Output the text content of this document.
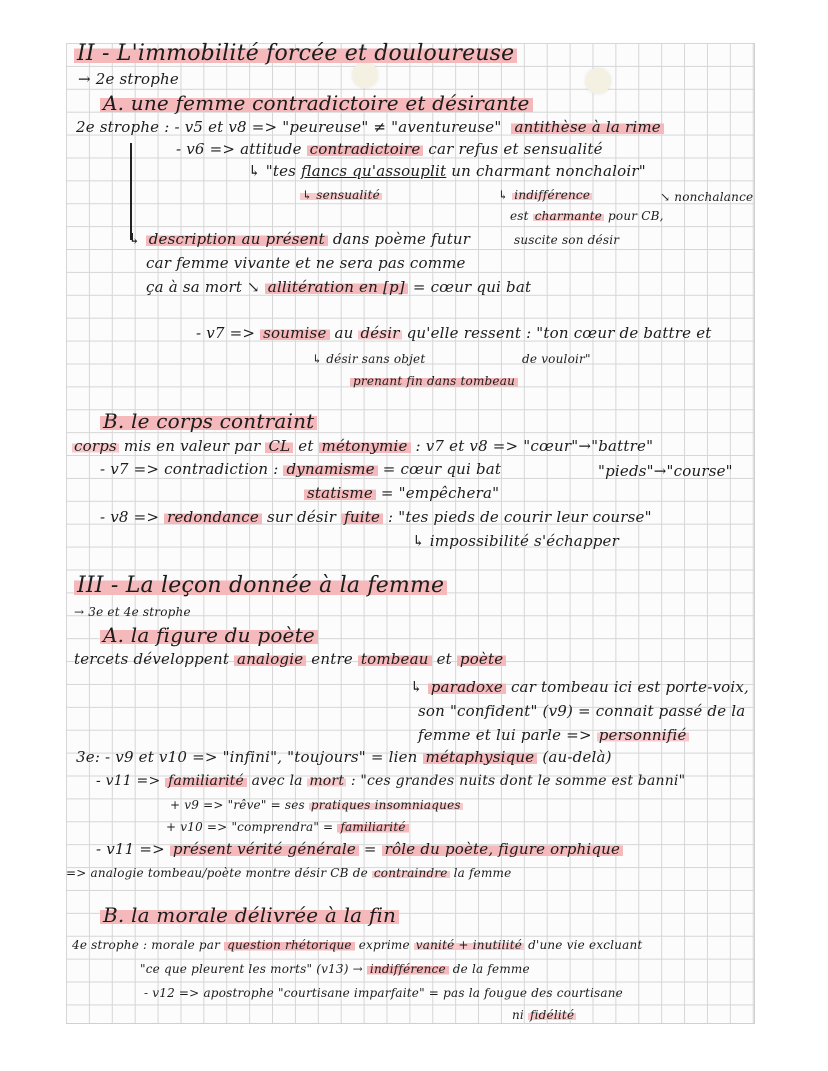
II - L'immobilité forcée et douloureuse
→ 2e strophe
A. une femme contradictoire et désirante
2e strophe : - v5 et v8 => "peureuse" ≠ "aventureuse" antithèse à la rime
- v6 => attitude contradictoire car refus et sensualité
↳ "tes flancs qu'assouplit un charmant nonchaloir"
↳ sensualité	↳ indifférence	↘ nonchalance
est charmante pour CB,
suscite son désir
↳ description au présent dans poème futur
car femme vivante et ne sera pas comme
ça à sa mort ↘ allitération en [p] = cœur qui bat
- v7 => soumise au désir qu'elle ressent : "ton cœur de battre et
↳ désir sans objet	de vouloir"
prenant fin dans tombeau
B. le corps contraint
corps mis en valeur par CL et métonymie : v7 et v8 => "cœur"→"battre"
- v7 => contradiction : dynamisme = cœur qui bat	"pieds"→"course"
statisme = "empêchera"
- v8 => redondance sur désir fuite : "tes pieds de courir leur course"
↳ impossibilité s'échapper
III - La leçon donnée à la femme
→ 3e et 4e strophe
A. la figure du poète
tercets développent analogie entre tombeau et poète
↳ paradoxe car tombeau ici est porte-voix,
son "confident" (v9) = connait passé de la
femme et lui parle => personnifié
3e: - v9 et v10 => "infini", "toujours" = lien métaphysique (au-delà)
- v11 => familiarité avec la mort : "ces grandes nuits dont le somme est banni"
+ v9 => "rêve" = ses pratiques insomniaques
+ v10 => "comprendra" = familiarité
- v11 => présent vérité générale = rôle du poète, figure orphique
=> analogie tombeau/poète montre désir CB de contraindre la femme
B. la morale délivrée à la fin
4e strophe : morale par question rhétorique exprime vanité + inutilité d'une vie excluant
"ce que pleurent les morts" (v13) → indifférence de la femme
- v12 => apostrophe "courtisane imparfaite" = pas la fougue des courtisane
ni fidélité
